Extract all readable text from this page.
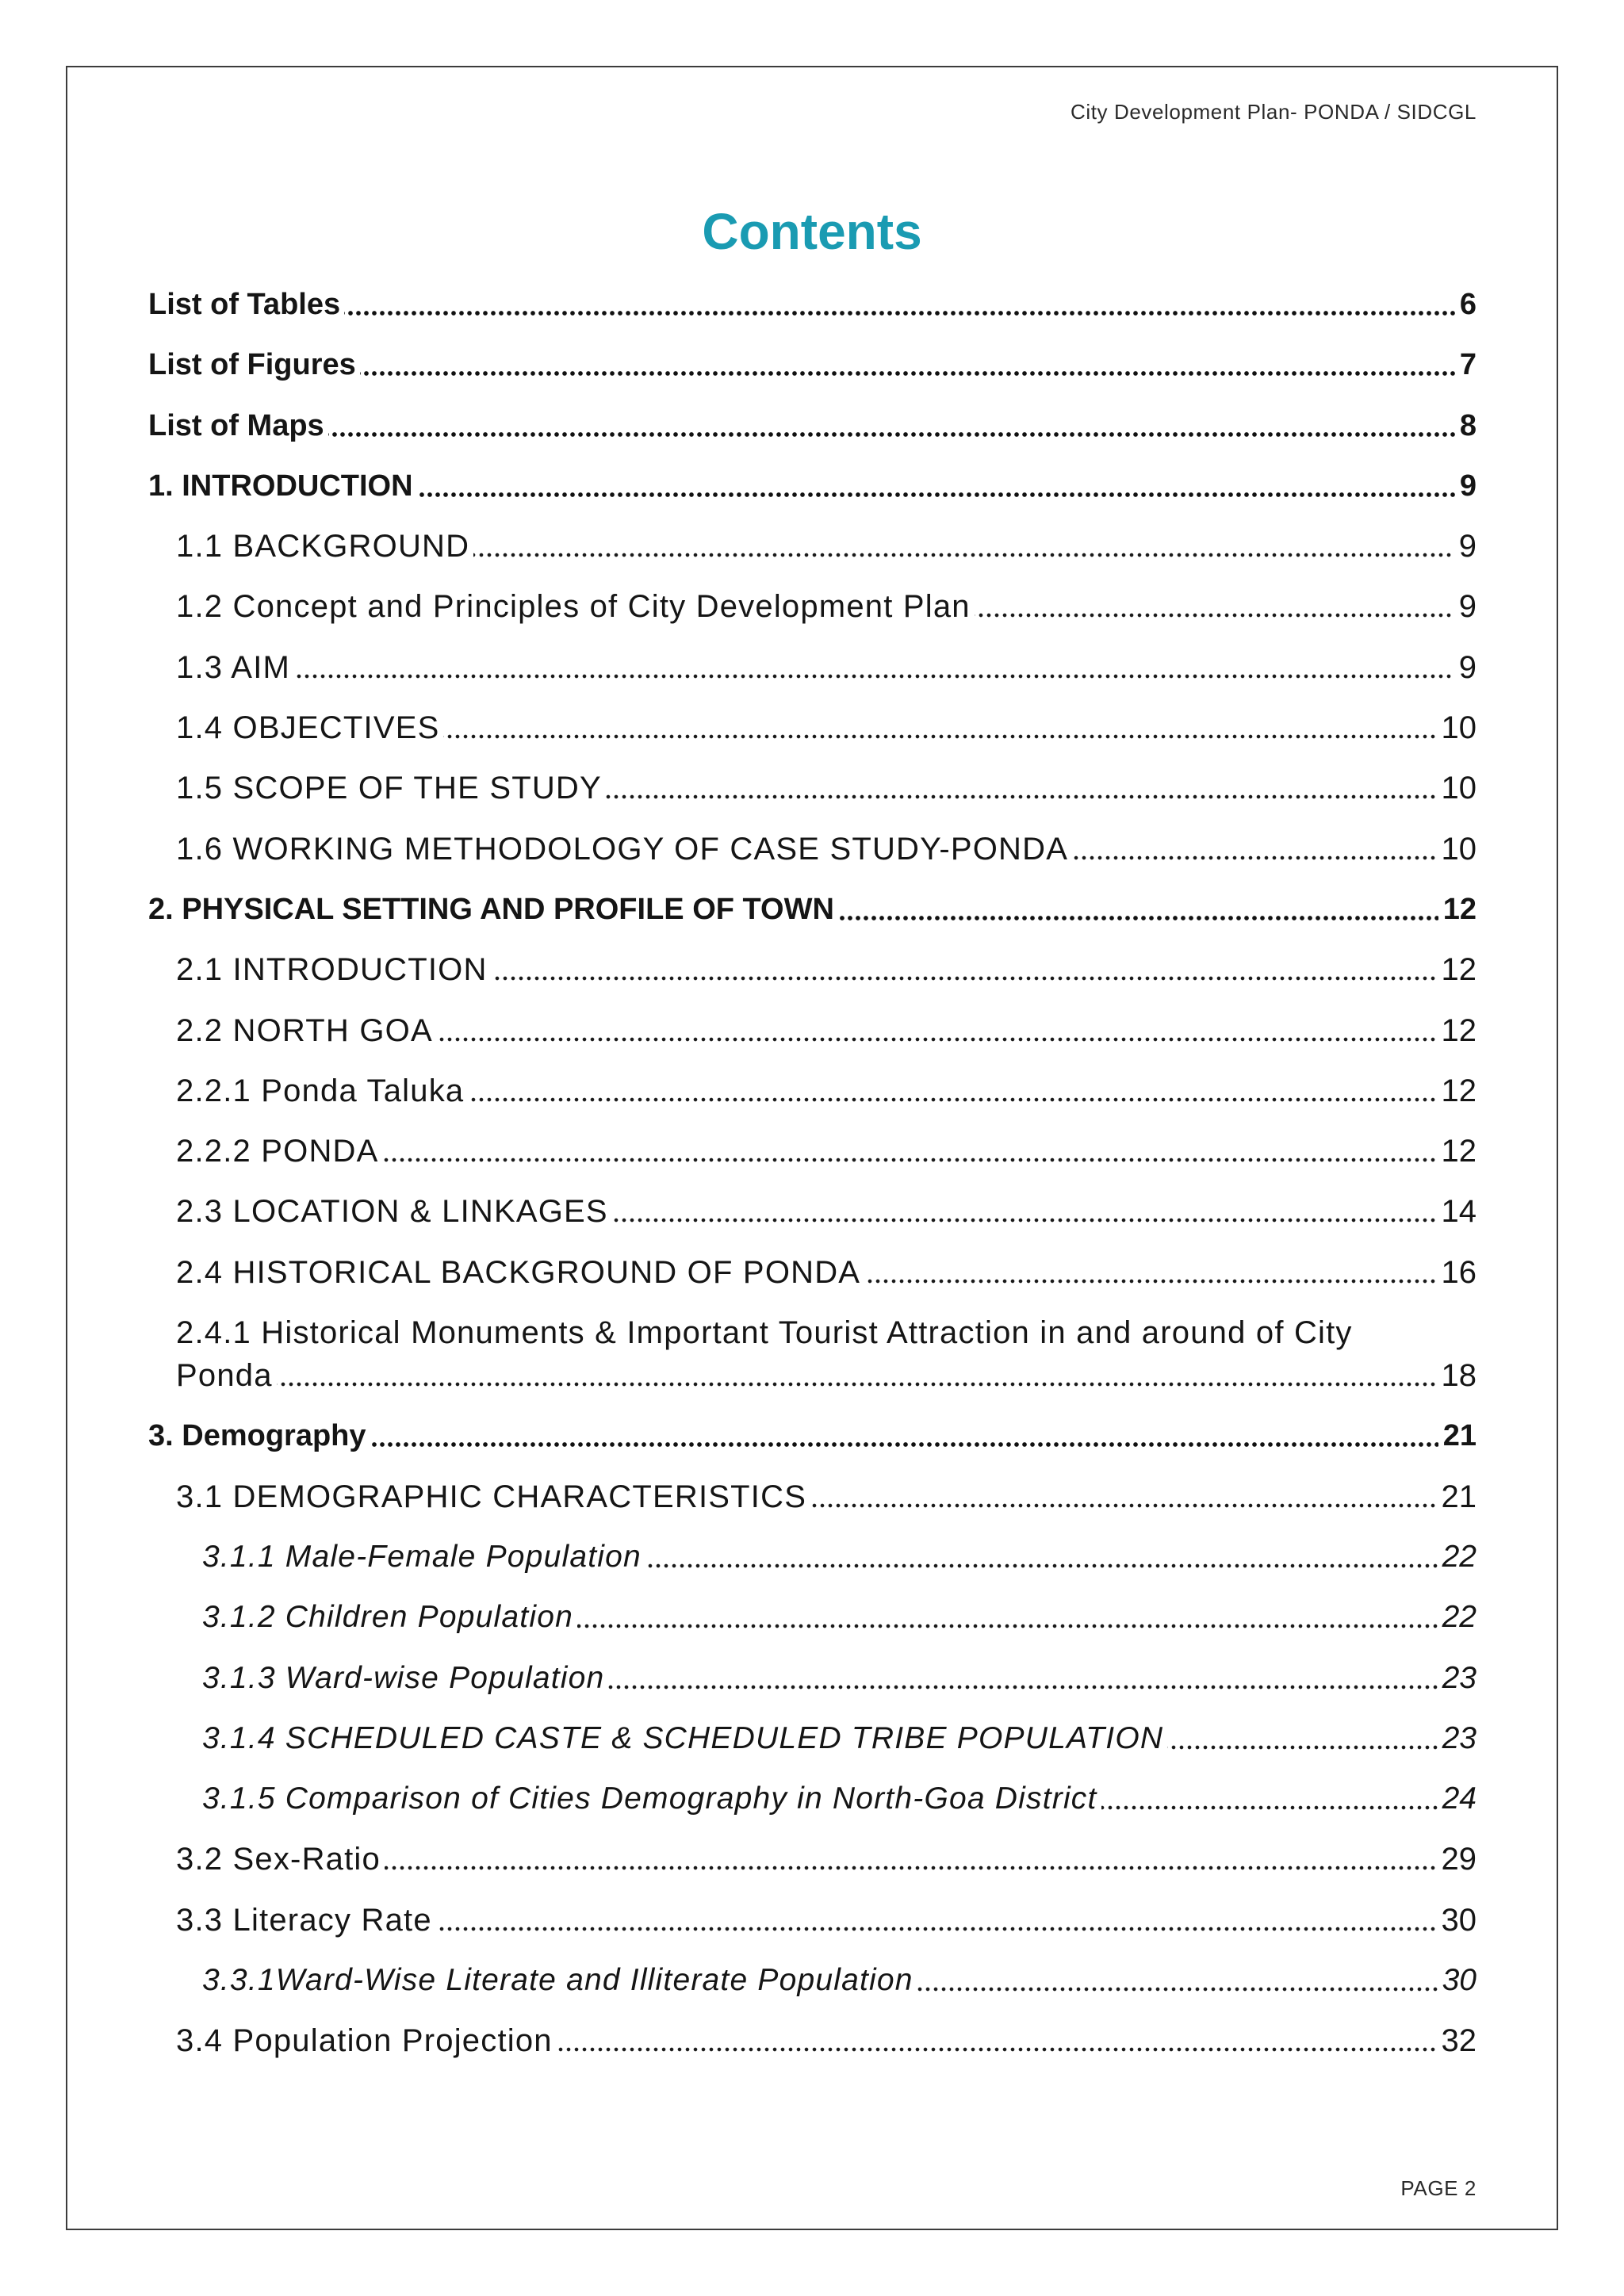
City Development Plan- PONDA / SIDCGL
Contents
List of Tables	6
List of Figures	7
List of Maps	8
1. INTRODUCTION	9
1.1 BACKGROUND	9
1.2 Concept and Principles of City Development Plan	9
1.3 AIM	9
1.4 OBJECTIVES	10
1.5 SCOPE OF THE STUDY	10
1.6 WORKING METHODOLOGY OF CASE STUDY-PONDA	10
2. PHYSICAL SETTING AND PROFILE OF TOWN	12
2.1 INTRODUCTION	12
2.2 NORTH GOA	12
2.2.1 Ponda Taluka	12
2.2.2 PONDA	12
2.3 LOCATION & LINKAGES	14
2.4 HISTORICAL BACKGROUND OF PONDA	16
2.4.1 Historical Monuments & Important Tourist Attraction in and around of City Ponda	18
3. Demography	21
3.1 DEMOGRAPHIC CHARACTERISTICS	21
3.1.1 Male-Female Population	22
3.1.2 Children Population	22
3.1.3 Ward-wise Population	23
3.1.4 SCHEDULED CASTE & SCHEDULED TRIBE POPULATION	23
3.1.5 Comparison of Cities Demography in North-Goa District	24
3.2 Sex-Ratio	29
3.3 Literacy Rate	30
3.3.1Ward-Wise Literate and Illiterate Population	30
3.4 Population Projection	32
PAGE 2
